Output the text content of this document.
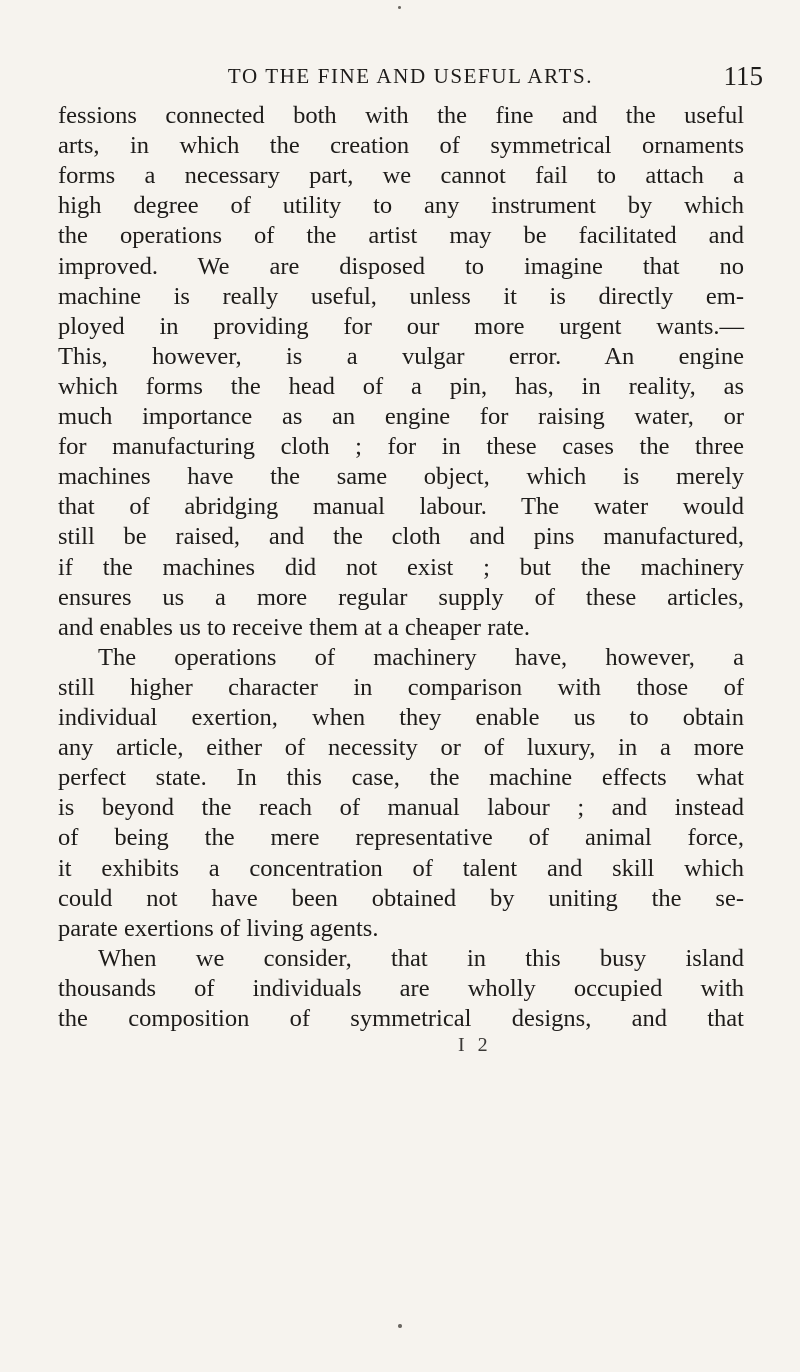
TO THE FINE AND USEFUL ARTS.	115
fessions connected both with the fine and the useful
arts, in which the creation of symmetrical ornaments
forms a necessary part, we cannot fail to attach a
high degree of utility to any instrument by which
the operations of the artist may be facilitated and
improved. We are disposed to imagine that no
machine is really useful, unless it is directly em-
ployed in providing for our more urgent wants.—
This, however, is a vulgar error. An engine
which forms the head of a pin, has, in reality, as
much importance as an engine for raising water, or
for manufacturing cloth ; for in these cases the three
machines have the same object, which is merely
that of abridging manual labour. The water would
still be raised, and the cloth and pins manufactured,
if the machines did not exist ; but the machinery
ensures us a more regular supply of these articles,
and enables us to receive them at a cheaper rate.
The operations of machinery have, however, a
still higher character in comparison with those of
individual exertion, when they enable us to obtain
any article, either of necessity or of luxury, in a more
perfect state. In this case, the machine effects what
is beyond the reach of manual labour ; and instead
of being the mere representative of animal force,
it exhibits a concentration of talent and skill which
could not have been obtained by uniting the se-
parate exertions of living agents.
When we consider, that in this busy island
thousands of individuals are wholly occupied with
the composition of symmetrical designs, and that
I 2
